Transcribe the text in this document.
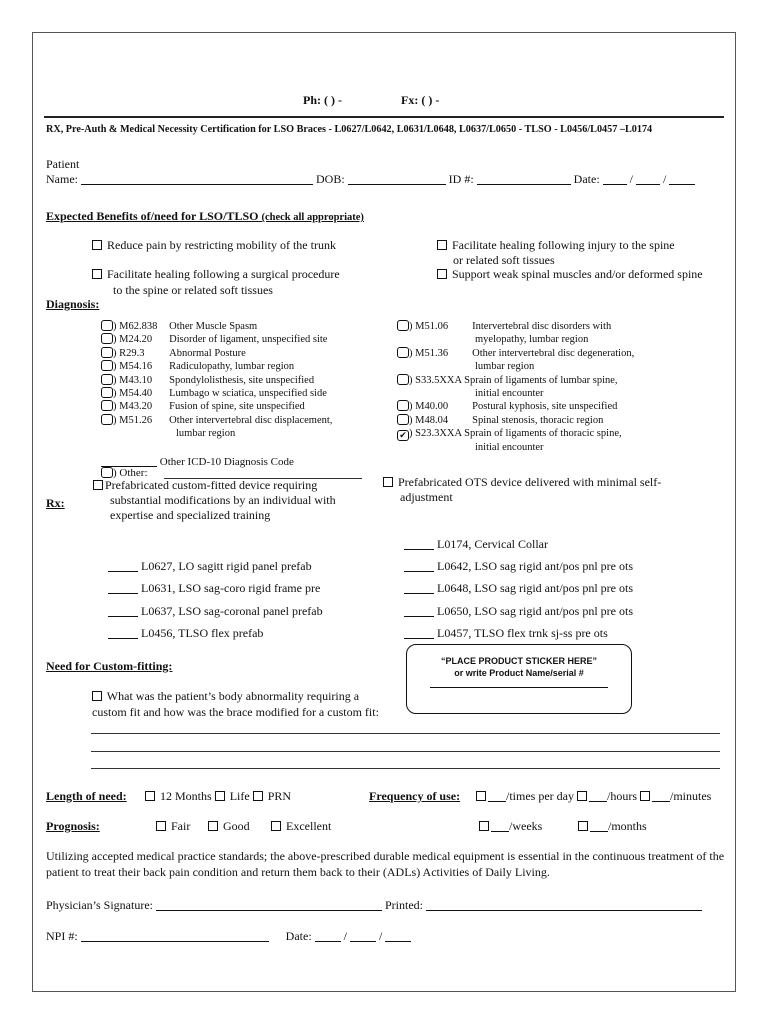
Ph: ( ) -	Fx: ( ) -
RX, Pre-Auth & Medical Necessity Certification for LSO Braces - L0627/L0642, L0631/L0648, L0637/L0650 - TLSO - L0456/L0457 –L0174
Patient
Name:	DOB:	ID #:	Date:	/	/
Expected Benefits of/need for LSO/TLSO (check all appropriate)
Reduce pain by restricting mobility of the trunk	Facilitate healing following injury to the spine
or related soft tissues
Facilitate healing following a surgical procedure
to the spine or related soft tissues
Support weak spinal muscles and/or deformed spine
Diagnosis:
) M62.838 Other Muscle Spasm
) M24.20 Disorder of ligament, unspecified site
) R29.3 Abnormal Posture
) M54.16 Radiculopathy, lumbar region
) M43.10 Spondylolisthesis, site unspecified
) M54.40 Lumbago w sciatica, unspecified side
) M43.20 Fusion of spine, site unspecified
) M51.26 Other intervertebral disc displacement,
lumbar region
) M51.06 Intervertebral disc disorders with
myelopathy, lumbar region
) M51.36 Other intervertebral disc degeneration,
lumbar region
) S33.5XXA Sprain of ligaments of lumbar spine,
initial encounter
) M40.00 Postural kyphosis, site unspecified
) M48.04 Spinal stenosis, thoracic region
✔ ) S23.3XXA Sprain of ligaments of thoracic spine,
initial encounter
Other ICD-10 Diagnosis Code
) Other:
Rx:
Prefabricated custom-fitted device requiring
substantial modifications by an individual with
expertise and specialized training
Prefabricated OTS device delivered with minimal self-
adjustment
L0627, LO sagitt rigid panel prefab
L0631, LSO sag-coro rigid frame pre
L0637, LSO sag-coronal panel prefab
L0456, TLSO flex prefab
L0174, Cervical Collar
L0642, LSO sag rigid ant/pos pnl pre ots
L0648, LSO sag rigid ant/pos pnl pre ots
L0650, LSO sag rigid ant/pos pnl pre ots
L0457, TLSO flex trnk sj-ss pre ots
“PLACE PRODUCT STICKER HERE”
or write Product Name/serial #
Need for Custom-fitting:
What was the patient’s body abnormality requiring a
custom fit and how was the brace modified for a custom fit:
Length of need:	12 Months Life PRN	Frequency of use:	/times per day	/hours	/minutes
Prognosis:	Fair	Good	Excellent	/weeks	/months
Utilizing accepted medical practice standards; the above-prescribed durable medical equipment is essential in the continuous treatment of the patient to treat their back pain condition and return them back to their (ADLs) Activities of Daily Living.
Physician’s Signature:	Printed:
NPI #:	Date:	/	/
